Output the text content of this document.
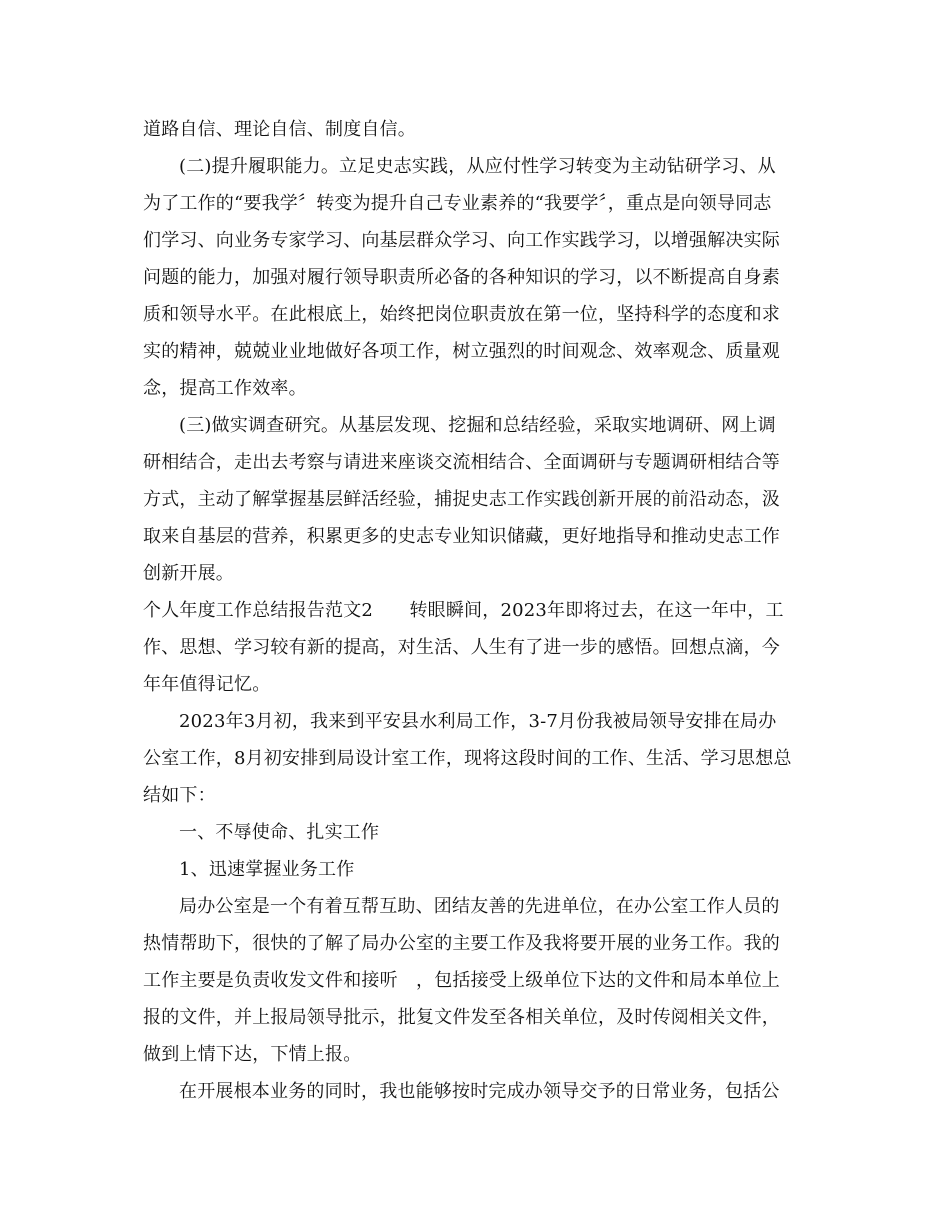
道路自信、理论自信、制度自信。
(二)提升履职能力。立足史志实践，从应付性学习转变为主动钻研学习、从
为了工作的“要我学〞转变为提升自己专业素养的“我要学〞，重点是向领导同志
们学习、向业务专家学习、向基层群众学习、向工作实践学习，以增强解决实际
问题的能力，加强对履行领导职责所必备的各种知识的学习，以不断提高自身素
质和领导水平。在此根底上，始终把岗位职责放在第一位，坚持科学的态度和求
实的精神，兢兢业业地做好各项工作，树立强烈的时间观念、效率观念、质量观
念，提高工作效率。
(三)做实调查研究。从基层发现、挖掘和总结经验，采取实地调研、网上调
研相结合，走出去考察与请进来座谈交流相结合、全面调研与专题调研相结合等
方式，主动了解掌握基层鲜活经验，捕捉史志工作实践创新开展的前沿动态，汲
取来自基层的营养，积累更多的史志专业知识储藏，更好地指导和推动史志工作
创新开展。
个人年度工作总结报告范文2　　转眼瞬间，2023年即将过去，在这一年中，工
作、思想、学习较有新的提高，对生活、人生有了进一步的感悟。回想点滴，今
年年值得记忆。
2023年3月初，我来到平安县水利局工作，3-7月份我被局领导安排在局办
公室工作，8月初安排到局设计室工作，现将这段时间的工作、生活、学习思想总
结如下：
一、不辱使命、扎实工作
1、迅速掌握业务工作
局办公室是一个有着互帮互助、团结友善的先进单位，在办公室工作人员的
热情帮助下，很快的了解了局办公室的主要工作及我将要开展的业务工作。我的
工作主要是负责收发文件和接听　，包括接受上级单位下达的文件和局本单位上
报的文件，并上报局领导批示，批复文件发至各相关单位，及时传阅相关文件，
做到上情下达，下情上报。
在开展根本业务的同时，我也能够按时完成办领导交予的日常业务，包括公
